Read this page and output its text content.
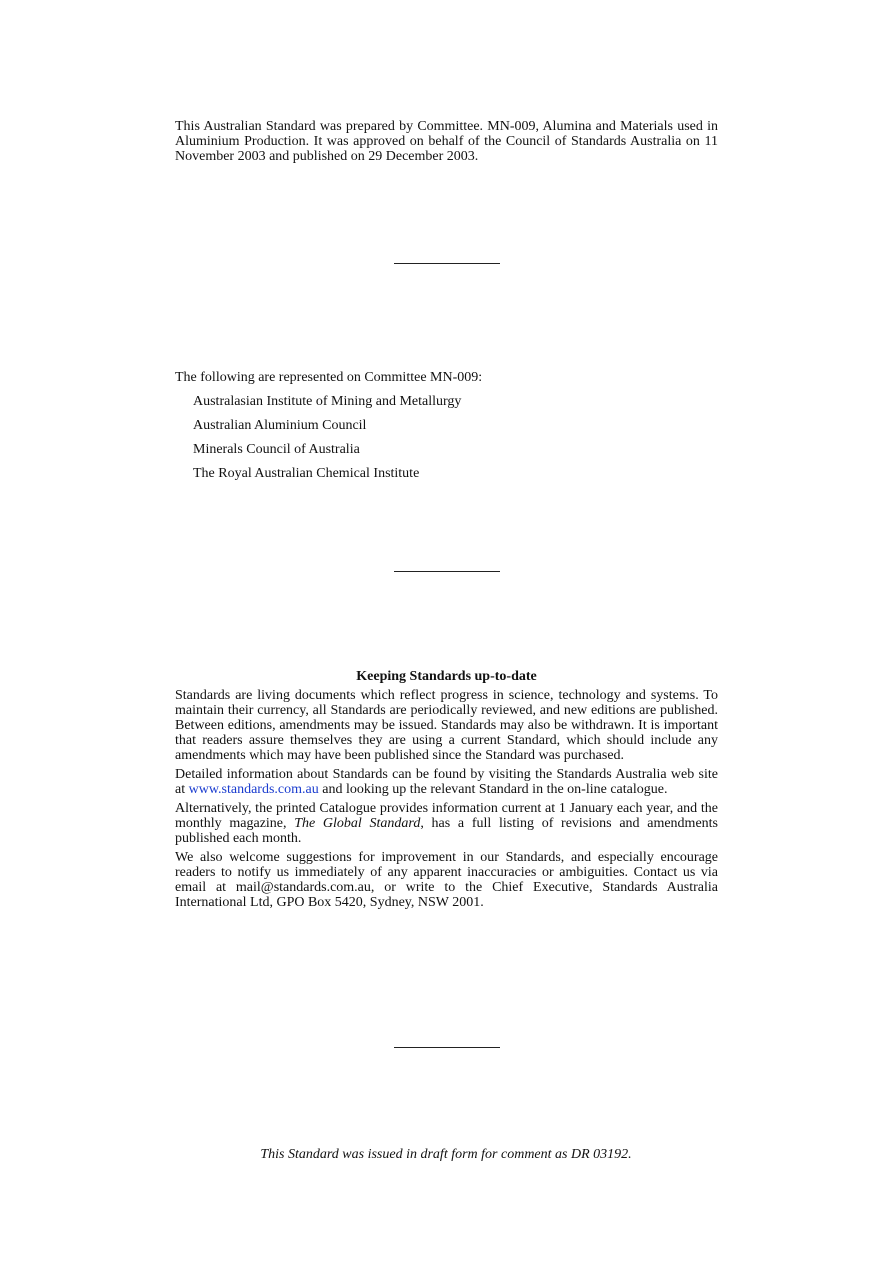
This Australian Standard was prepared by Committee. MN-009, Alumina and Materials used in Aluminium Production. It was approved on behalf of the Council of Standards Australia on 11 November 2003 and published on 29 December 2003.

The following are represented on Committee MN-009:

Australasian Institute of Mining and Metallurgy
Australian Aluminium Council
Minerals Council of Australia
The Royal Australian Chemical Institute

Keeping Standards up-to-date

Standards are living documents which reflect progress in science, technology and systems. To maintain their currency, all Standards are periodically reviewed, and new editions are published. Between editions, amendments may be issued. Standards may also be withdrawn. It is important that readers assure themselves they are using a current Standard, which should include any amendments which may have been published since the Standard was purchased.

Detailed information about Standards can be found by visiting the Standards Australia web site at www.standards.com.au and looking up the relevant Standard in the on-line catalogue.

Alternatively, the printed Catalogue provides information current at 1 January each year, and the monthly magazine, The Global Standard, has a full listing of revisions and amendments published each month.

We also welcome suggestions for improvement in our Standards, and especially encourage readers to notify us immediately of any apparent inaccuracies or ambiguities. Contact us via email at mail@standards.com.au, or write to the Chief Executive, Standards Australia International Ltd, GPO Box 5420, Sydney, NSW 2001.

This Standard was issued in draft form for comment as DR 03192.
